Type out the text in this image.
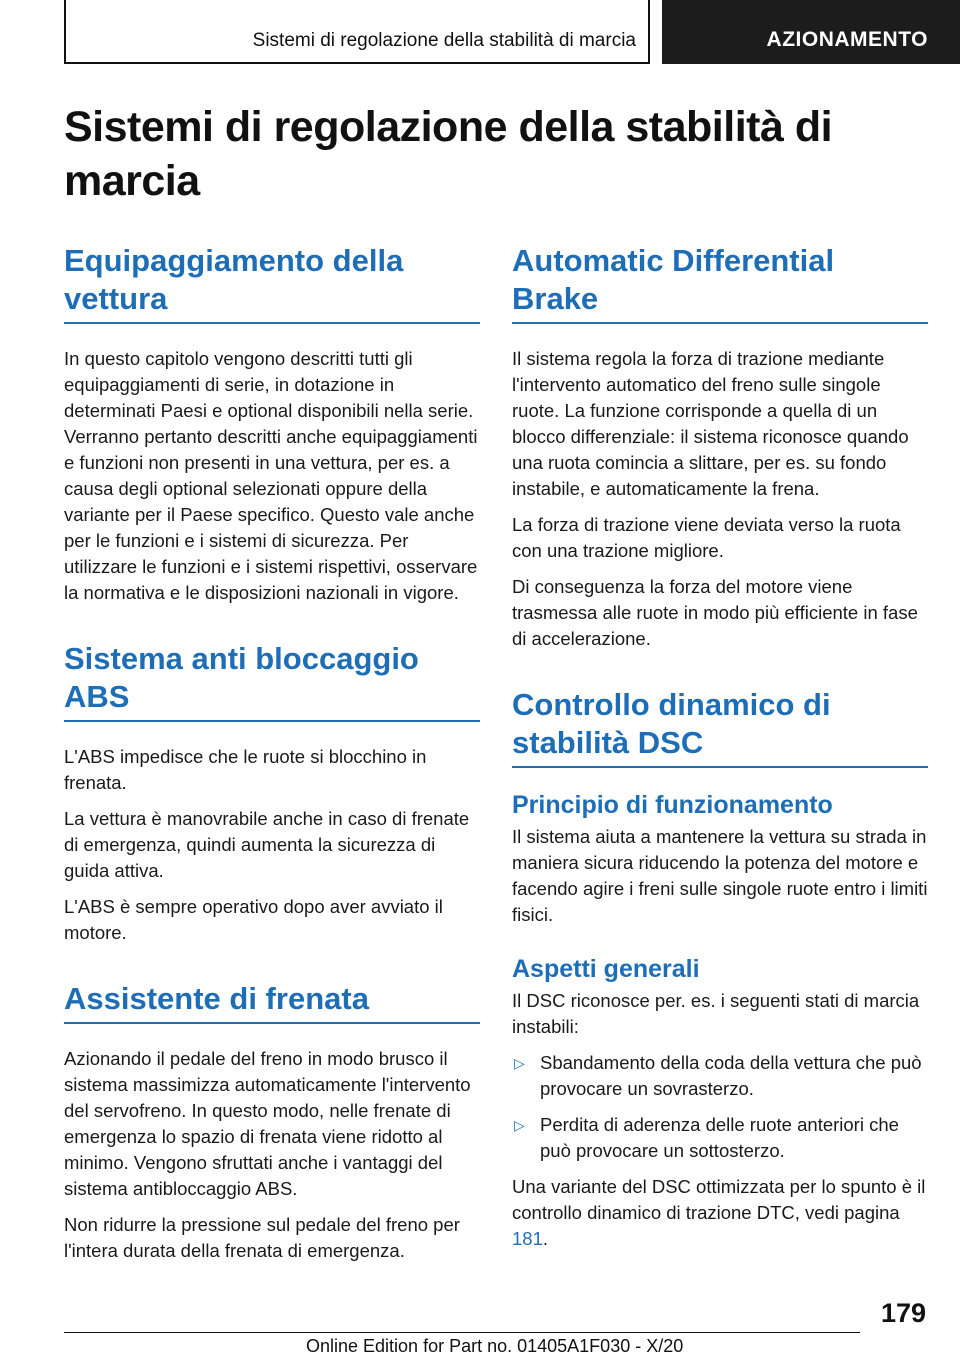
Sistemi di regolazione della stabilità di marcia	AZIONAMENTO
Sistemi di regolazione della stabilità di marcia
Equipaggiamento della vettura

In questo capitolo vengono descritti tutti gli equipaggiamenti di serie, in dotazione in determinati Paesi e optional disponibili nella serie. Verranno pertanto descritti anche equipaggiamenti e funzioni non presenti in una vettura, per es. a causa degli optional selezionati oppure della variante per il Paese specifico. Questo vale anche per le funzioni e i sistemi di sicurezza. Per utilizzare le funzioni e i sistemi rispettivi, osservare la normativa e le disposizioni nazionali in vigore.

Sistema anti bloccaggio ABS

L'ABS impedisce che le ruote si blocchino in frenata.

La vettura è manovrabile anche in caso di frenate di emergenza, quindi aumenta la sicurezza di guida attiva.

L'ABS è sempre operativo dopo aver avviato il motore.

Assistente di frenata

Azionando il pedale del freno in modo brusco il sistema massimizza automaticamente l'intervento del servofreno. In questo modo, nelle frenate di emergenza lo spazio di frenata viene ridotto al minimo. Vengono sfruttati anche i vantaggi del sistema antibloccaggio ABS.

Non ridurre la pressione sul pedale del freno per l'intera durata della frenata di emergenza.

Automatic Differential Brake

Il sistema regola la forza di trazione mediante l'intervento automatico del freno sulle singole ruote. La funzione corrisponde a quella di un blocco differenziale: il sistema riconosce quando una ruota comincia a slittare, per es. su fondo instabile, e automaticamente la frena.

La forza di trazione viene deviata verso la ruota con una trazione migliore.

Di conseguenza la forza del motore viene trasmessa alle ruote in modo più efficiente in fase di accelerazione.

Controllo dinamico di stabilità DSC
Principio di funzionamento

Il sistema aiuta a mantenere la vettura su strada in maniera sicura riducendo la potenza del motore e facendo agire i freni sulle singole ruote entro i limiti fisici.

Aspetti generali

Il DSC riconosce per. es. i seguenti stati di marcia instabili:

▷ Sbandamento della coda della vettura che può provocare un sovrasterzo.
▷ Perdita di aderenza delle ruote anteriori che può provocare un sottosterzo.

Una variante del DSC ottimizzata per lo spunto è il controllo dinamico di trazione DTC, vedi pagina 181.

179
Online Edition for Part no. 01405A1F030 - X/20
